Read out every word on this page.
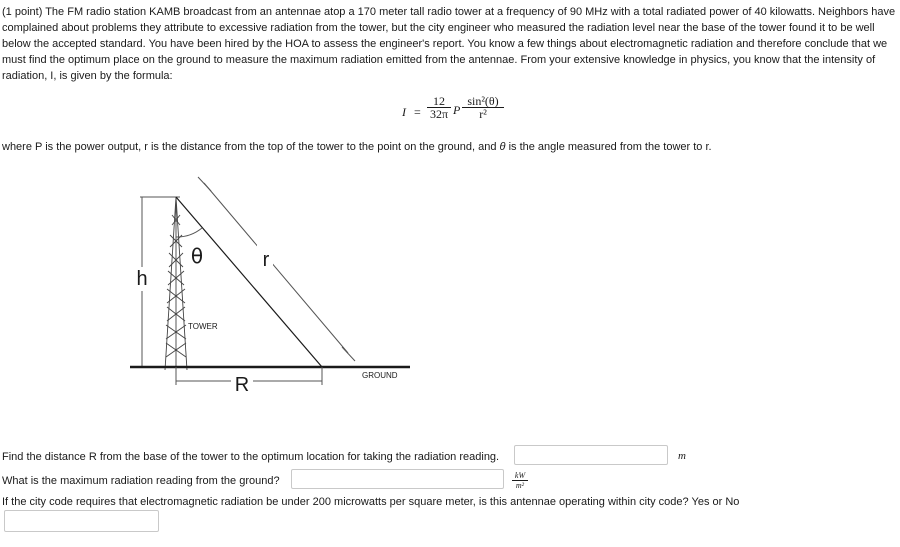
(1 point) The FM radio station KAMB broadcast from an antennae atop a 170 meter tall radio tower at a frequency of 90 MHz with a total radiated power of 40 kilowatts. Neighbors have complained about problems they attribute to excessive radiation from the tower, but the city engineer who measured the radiation level near the base of the tower found it to be well below the accepted standard. You have been hired by the HOA to assess the engineer's report. You know a few things about electromagnetic radiation and therefore conclude that we must find the optimum place on the ground to measure the maximum radiation emitted from the antennae. From your extensive knowledge in physics, you know that the intensity of radiation, I, is given by the formula:

$I = \frac{12}{32\pi}$ P $\frac{\text{sin²(θ)}}{\text{r²}}$

where P is the power output, r is the distance from the top of the tower to the point on the ground, and θ is the angle measured from the tower to r.

h
r
θ
TOWER
GROUND
R
Find the distance R from the base of the tower to the optimum location for taking the radiation reading.	m
What is the maximum radiation reading from the ground?	$\frac{kW}{\text{m²}}$
If the city code requires that electromagnetic radiation be under 200 microwatts per square meter, is this antennae operating within city code? Yes or No
